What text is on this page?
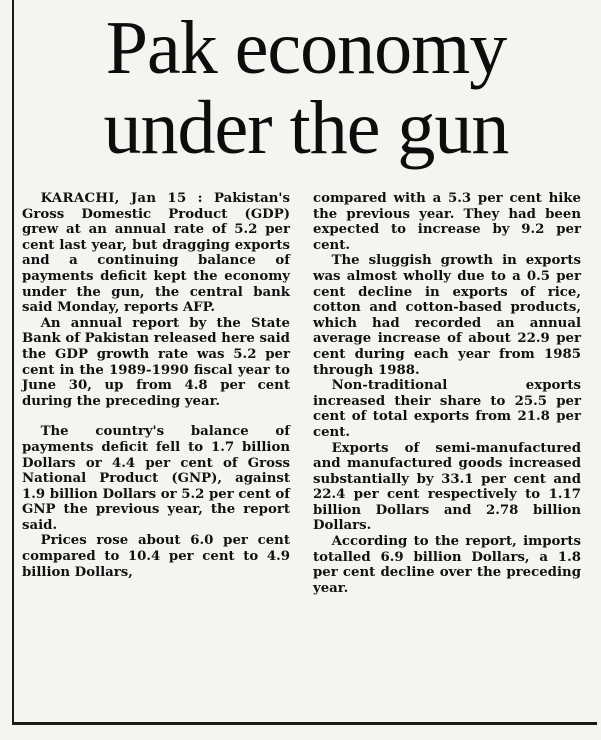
Pak economy
under the gun

KARACHI, Jan 15 : Pakistan's Gross Domestic Product (GDP) grew at an annual rate of 5.2 per cent last year, but dragging exports and a continuing balance of payments deficit kept the economy under the gun, the central bank said Monday, reports AFP.

An annual report by the State Bank of Pakistan released here said the GDP growth rate was 5.2 per cent in the 1989-1990 fiscal year to June 30, up from 4.8 per cent during the preceding year.

The country's balance of payments deficit fell to 1.7 billion Dollars or 4.4 per cent of Gross National Product (GNP), against 1.9 billion Dollars or 5.2 per cent of GNP the previous year, the report said.

Prices rose about 6.0 per cent compared to 10.4 per cent to 4.9 billion Dollars,

compared with a 5.3 per cent hike the previous year. They had been expected to increase by 9.2 per cent.

The sluggish growth in exports was almost wholly due to a 0.5 per cent decline in exports of rice, cotton and cotton-based products, which had recorded an annual average increase of about 22.9 per cent during each year from 1985 through 1988.

Non-traditional exports increased their share to 25.5 per cent of total exports from 21.8 per cent.

Exports of semi-manufactured and manufactured goods increased substantially by 33.1 per cent and 22.4 per cent respectively to 1.17 billion Dollars and 2.78 billion Dollars.

According to the report, imports totalled 6.9 billion Dollars, a 1.8 per cent decline over the preceding year.
